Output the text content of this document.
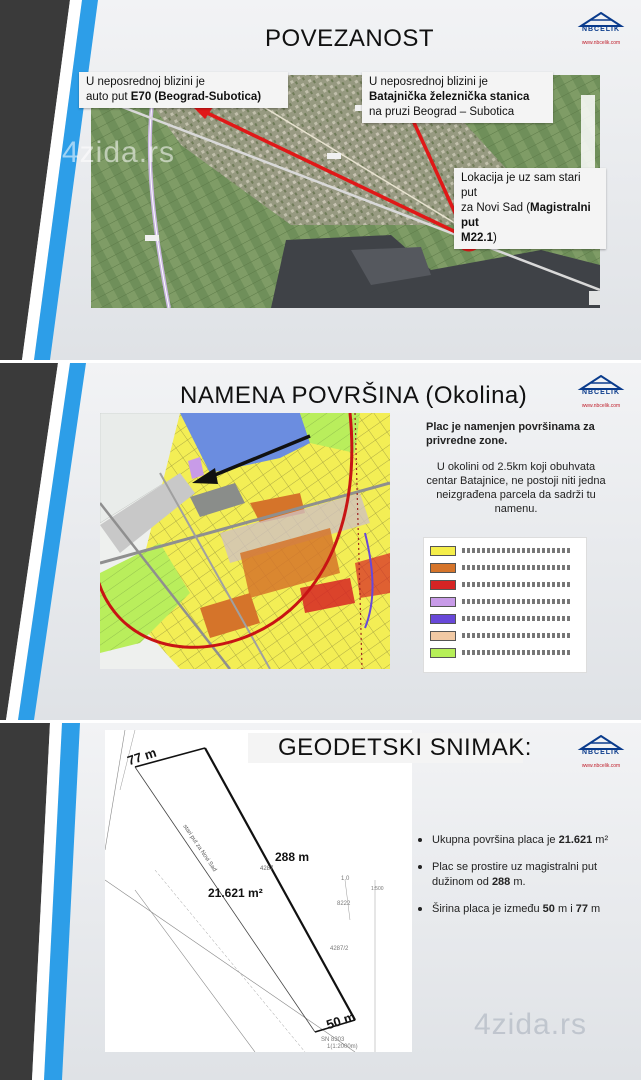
POVEZANOST	NBCELIK
www.nbcelik.com
U neposrednoj blizini je
auto put E70 (Beograd-Subotica)
U neposrednoj blizini je
Batajnička železnička stanica
na pruzi Beograd – Subotica
Lokacija je uz sam stari put
za Novi Sad (Magistralni put
M22.1)
4zida.rs
NAMENA POVRŠINA (Okolina)	NBCELIK
www.nbcelik.com

Plac je namenjen površinama za privredne zone.

U okolini od 2.5km koji obuhvata centar Batajnice, ne postoji niti jedna neizgrađena parcela da sadrži tu namenu.

NBCELIK
www.nbcelik.com
4zida.rs
1.0
8222
1(1:2000m)
SN 8303
1:500
4287/2
stari put za Novi Sad	4287
77 m
288 m
21.621 m²
50 m
GEODETSKI SNIMAK:
Ukupna površina placa je 21.621 m²
Plac se prostire uz magistralni put dužinom od 288 m.
Širina placa je između 50 m i 77 m
